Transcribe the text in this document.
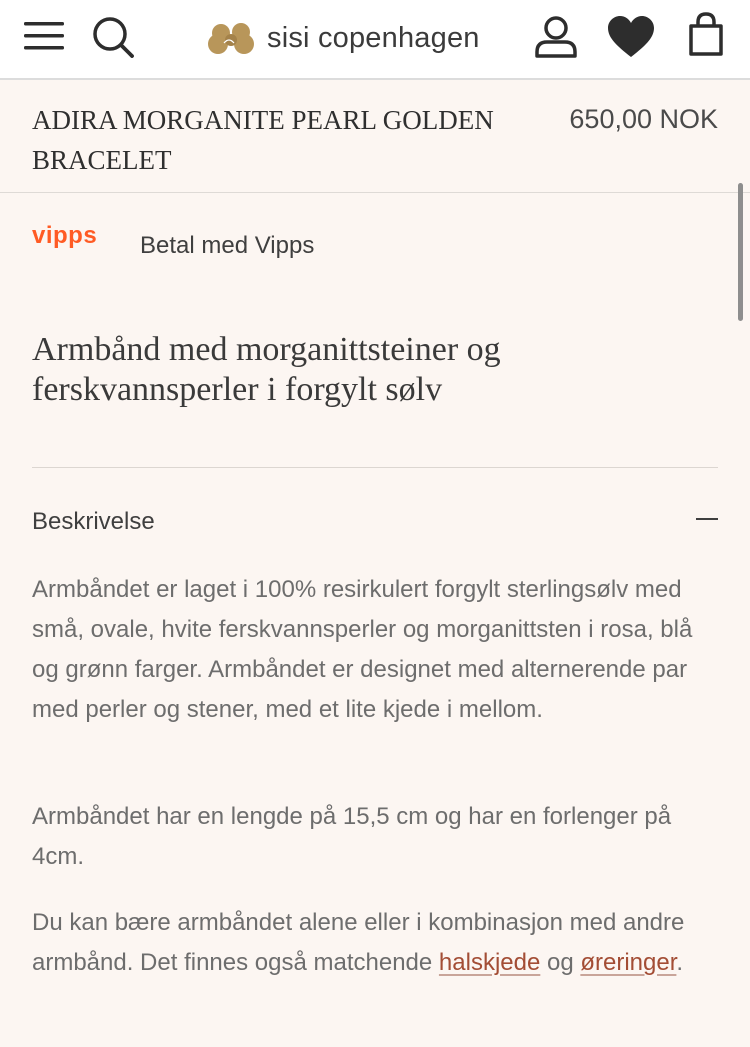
sisi copenhagen
ADIRA MORGANITE PEARL GOLDEN BRACELET
650,00 NOK
vipps Betal med Vipps
Armbånd med morganittsteiner og ferskvannsperler i forgylt sølv
Beskrivelse

Armbåndet er laget i 100% resirkulert forgylt sterlingsølv med små, ovale, hvite ferskvannsperler og morganittsten i rosa, blå og grønn farger. Armbåndet er designet med alternerende par med perler og stener, med et lite kjede i mellom.

Armbåndet har en lengde på 15,5 cm og har en forlenger på 4cm.

Du kan bære armbåndet alene eller i kombinasjon med andre armbånd. Det finnes også matchende halskjede og øreringer.
